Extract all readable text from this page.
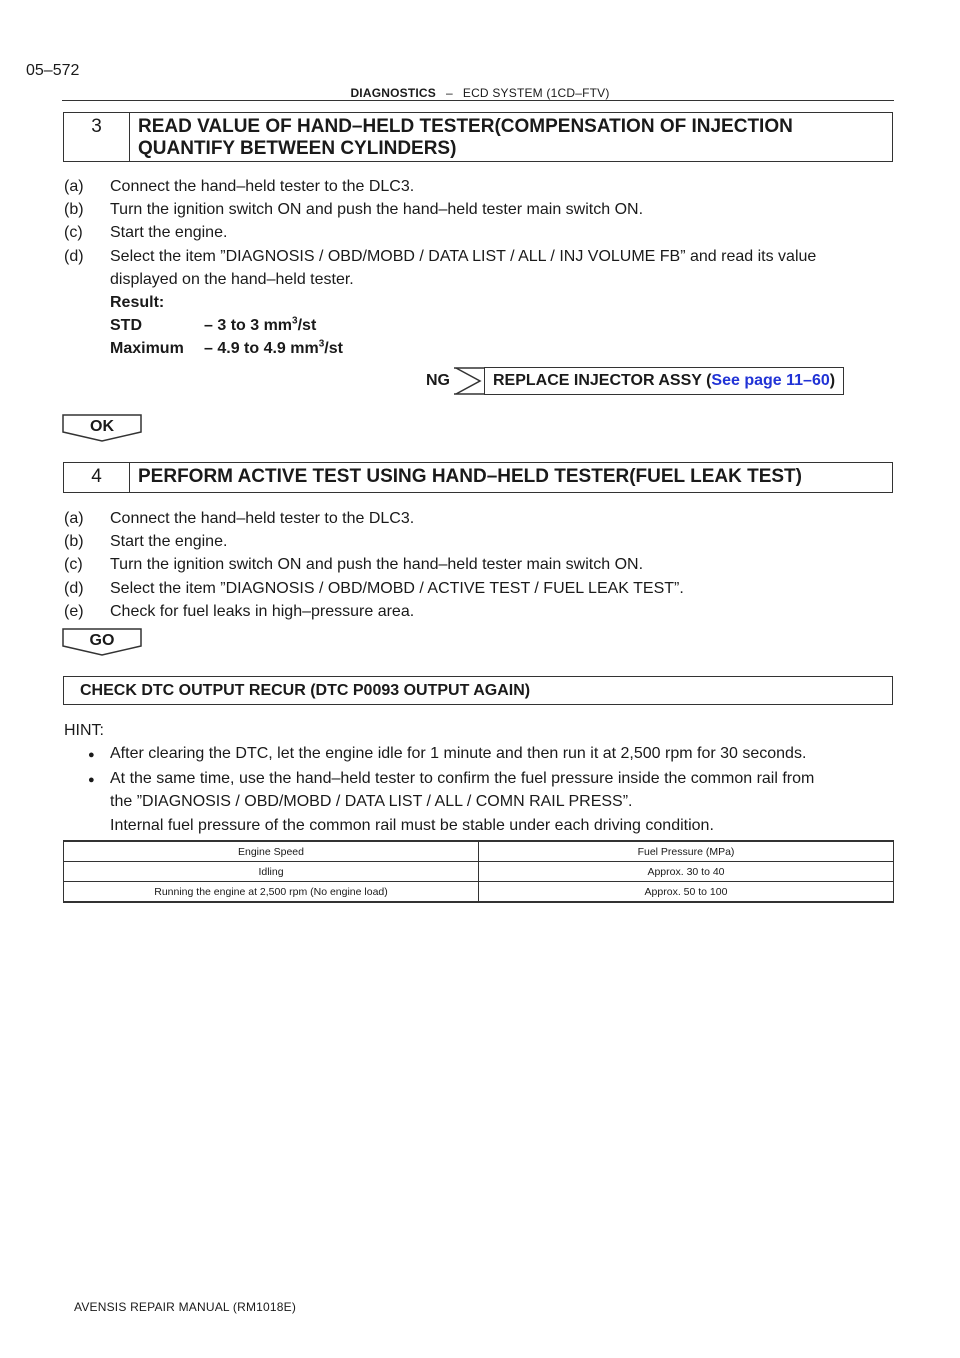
05–572
DIAGNOSTICS – ECD SYSTEM (1CD–FTV)
3	READ VALUE OF HAND–HELD TESTER(COMPENSATION OF INJECTION
QUANTIFY BETWEEN CYLINDERS)
(a)	Connect the hand–held tester to the DLC3.
(b)	Turn the ignition switch ON and push the hand–held tester main switch ON.
(c)	Start the engine.
(d)	Select the item ”DIAGNOSIS / OBD/MOBD / DATA LIST / ALL / INJ VOLUME FB” and read its value
displayed on the hand–held tester.
Result:
STD	– 3 to 3 $mm^3/st$
Maximum – 4.9 to 4.9 $mm^3/st$
NG	REPLACE INJECTOR ASSY (See page 11–60)
OK
4	PERFORM ACTIVE TEST USING HAND–HELD TESTER(FUEL LEAK TEST)
(a)	Connect the hand–held tester to the DLC3.
(b)	Start the engine.
(c)	Turn the ignition switch ON and push the hand–held tester main switch ON.
(d)	Select the item ”DIAGNOSIS / OBD/MOBD / ACTIVE TEST / FUEL LEAK TEST”.
(e)	Check for fuel leaks in high–pressure area.
GO
CHECK DTC OUTPUT RECUR (DTC P0093 OUTPUT AGAIN)
HINT:
● After clearing the DTC, let the engine idle for 1 minute and then run it at 2,500 rpm for 30 seconds.
● At the same time, use the hand–held tester to confirm the fuel pressure inside the common rail from
the ”DIAGNOSIS / OBD/MOBD / DATA LIST / ALL / COMN RAIL PRESS”.
Internal fuel pressure of the common rail must be stable under each driving condition.
Engine Speed	Fuel Pressure (MPa)
Idling	Approx. 30 to 40
Running the engine at 2,500 rpm (No engine load)	Approx. 50 to 100
AVENSIS REPAIR MANUAL (RM1018E)
